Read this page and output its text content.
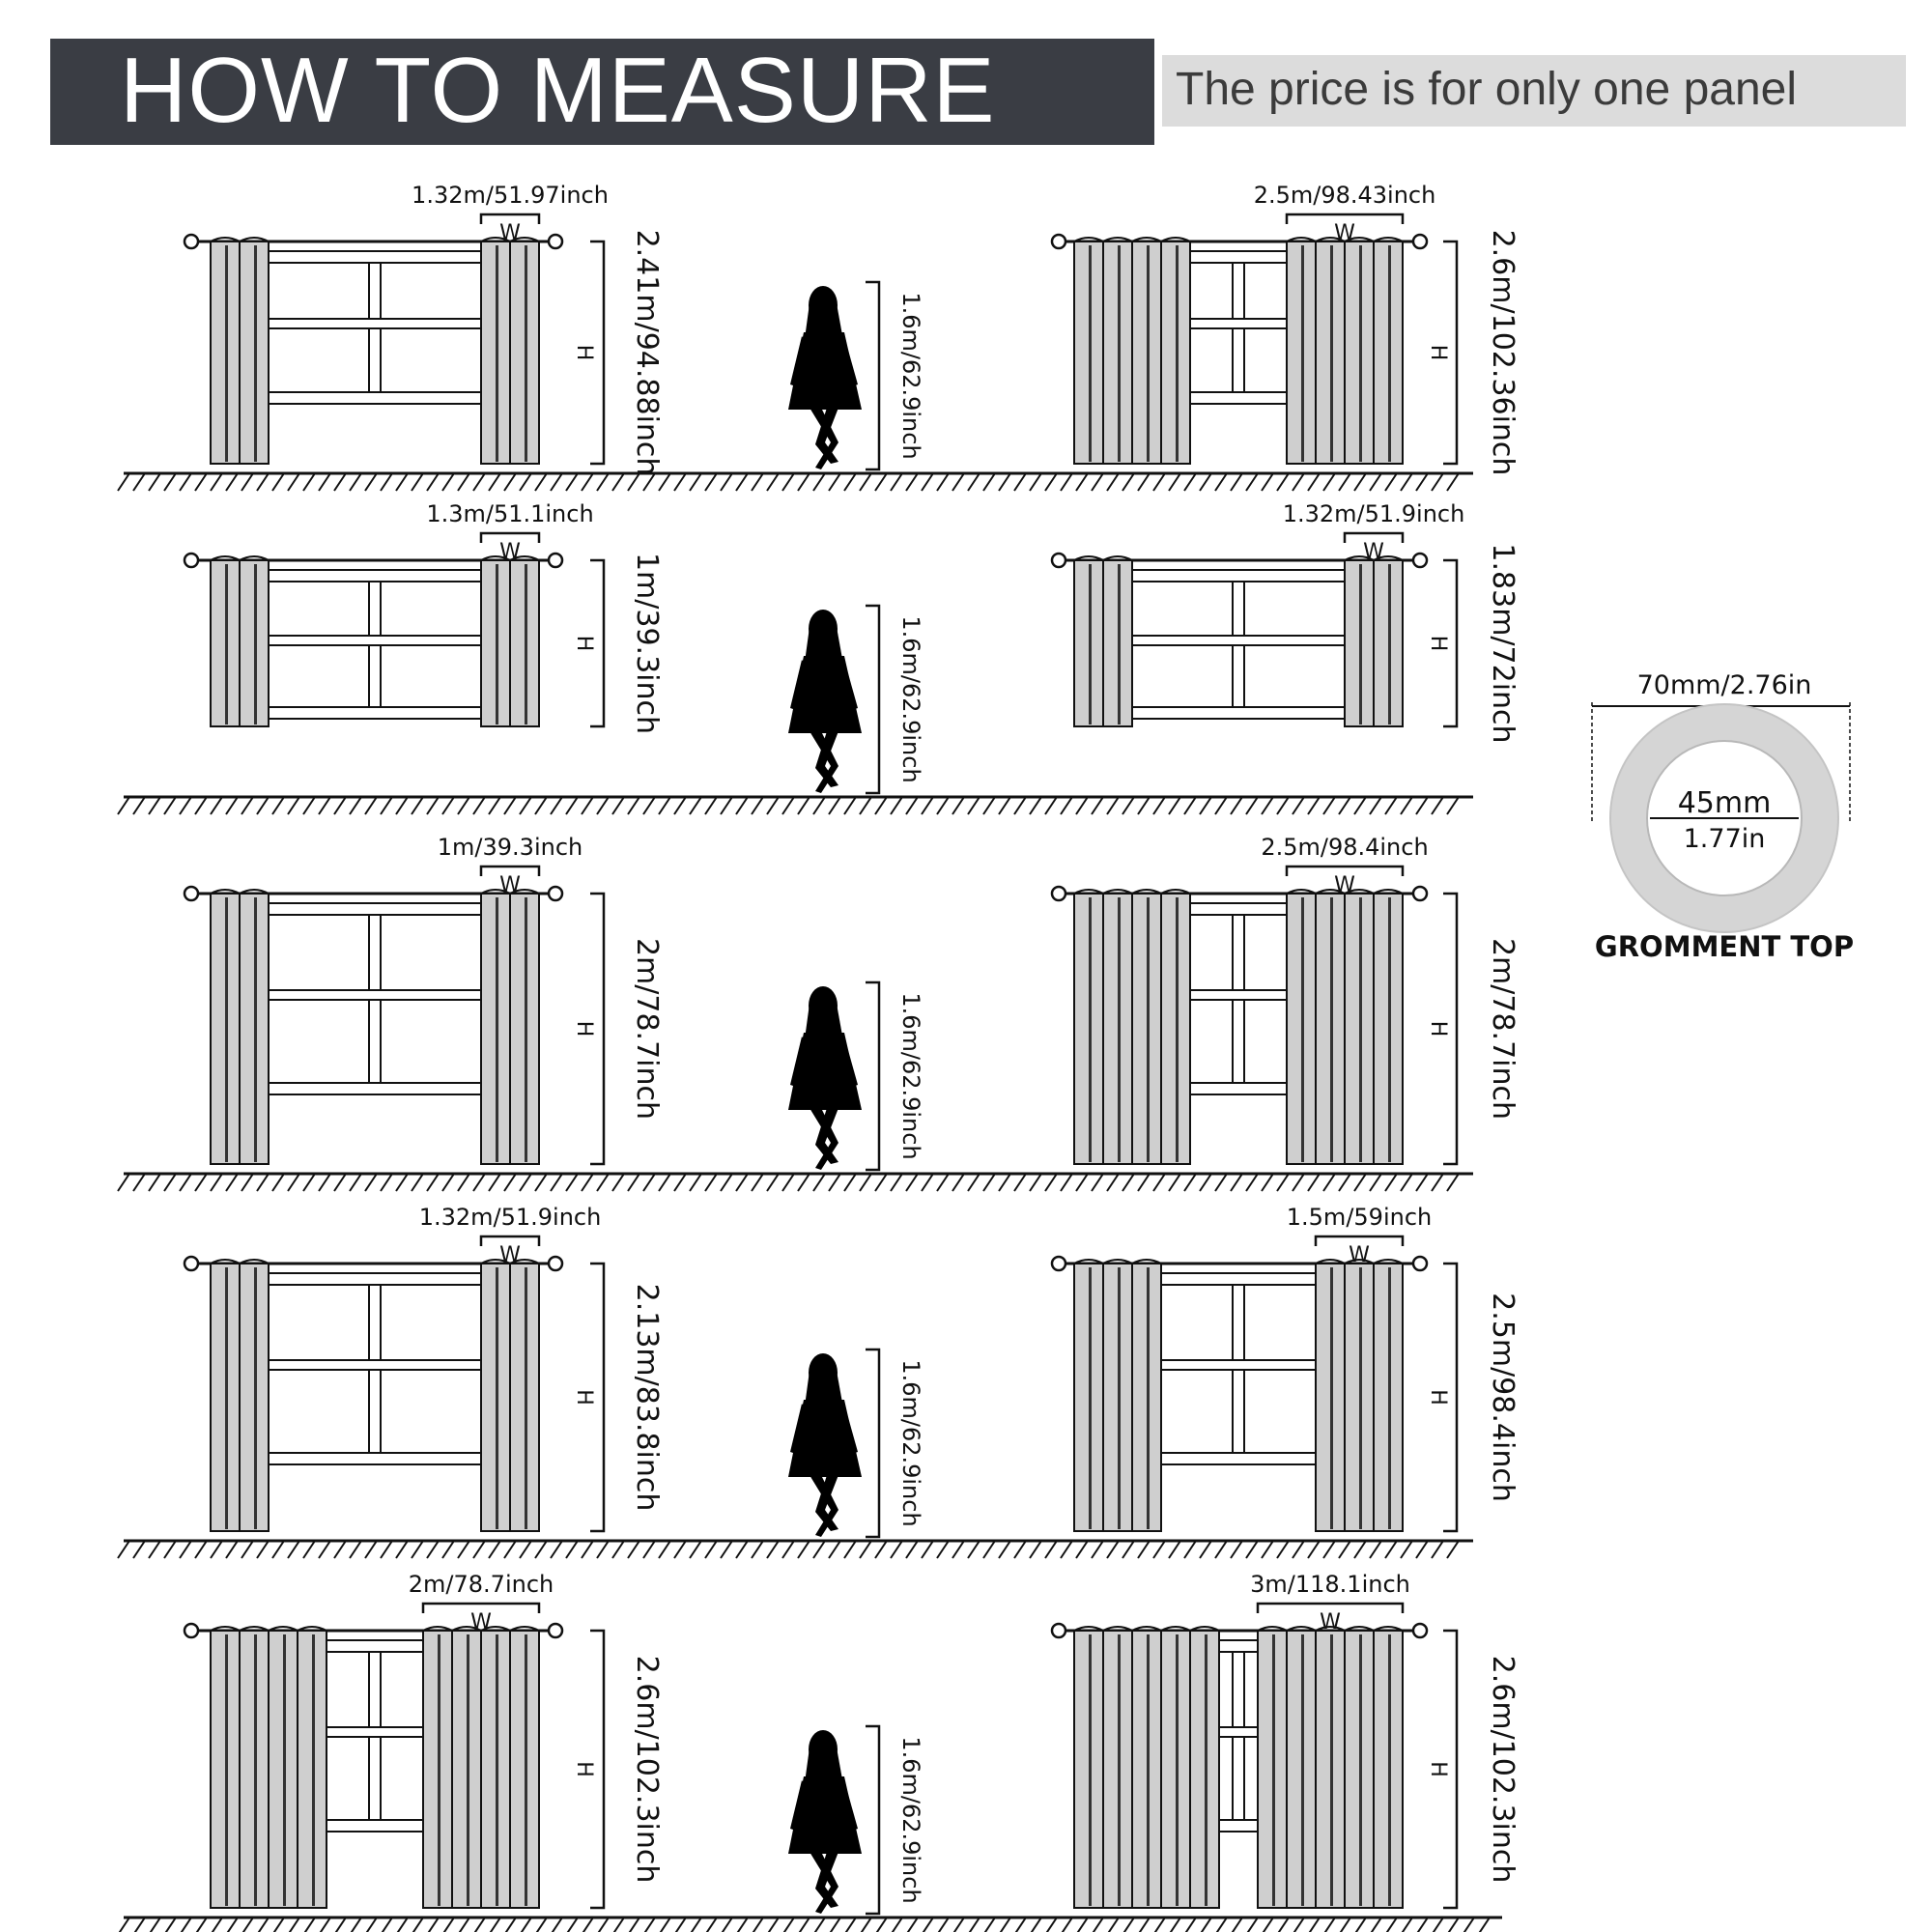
HOW TO MEASURE	The price is for only one panel
W
1.32m/51.97inch
H 2.41m/94.88inch	W
2.5m/98.43inch
H 2.6m/102.36inch
1.6m/62.9inch
W
1.3m/51.1inch
H 1m/39.3inch
W
1.32m/51.9inch
H 1.83m/72inch
1.6m/62.9inch
W
1m/39.3inch
H 2m/78.7inch
W
2.5m/98.4inch
H 2m/78.7inch
1.6m/62.9inch
W
1.32m/51.9inch
H 2.13m/83.8inch
W
1.5m/59inch
H 2.5m/98.4inch
1.6m/62.9inch
W
2m/78.7inch
H 2.6m/102.3inch
W
3m/118.1inch
H 2.6m/102.3inch
1.6m/62.9inch
70mm/2.76in
45mm
1.77in
GROMMENT TOP
